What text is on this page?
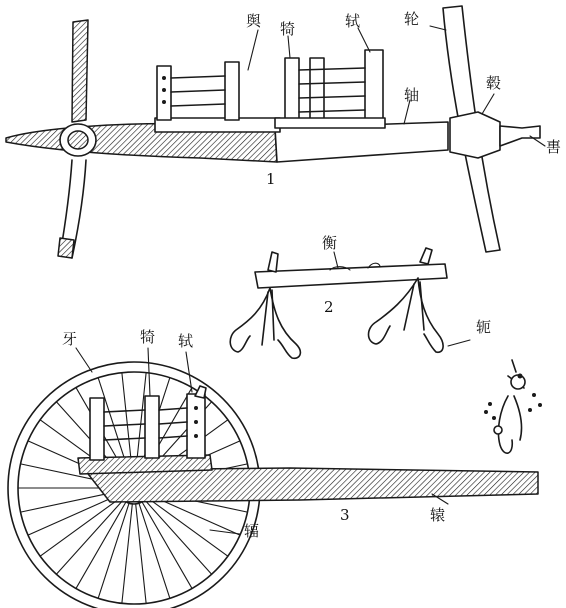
舆 犄	轼	轮
毂
轴
軎
1
衡
2
轭
牙	犄 轼
辐
3	辕
